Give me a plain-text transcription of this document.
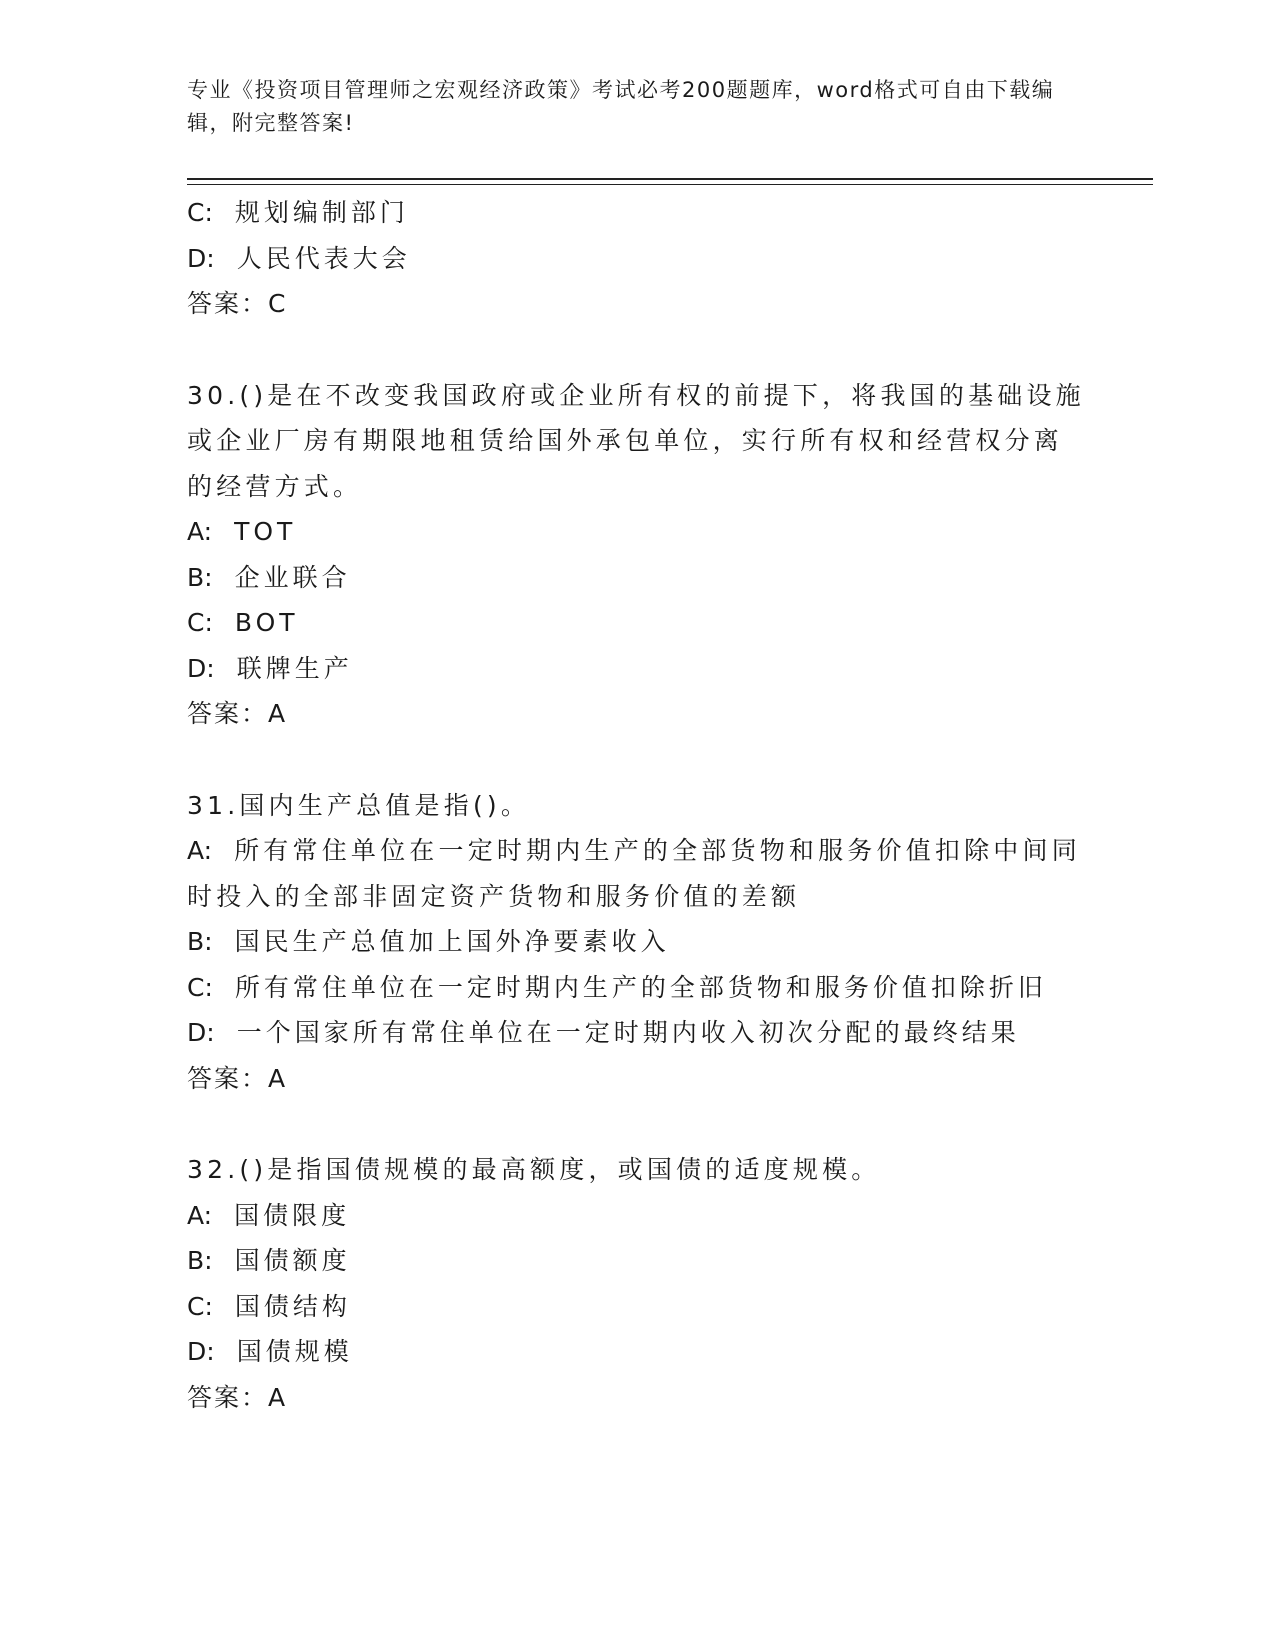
专业《投资项目管理师之宏观经济政策》考试必考200题题库，word格式可自由下载编辑，附完整答案!
C: 规划编制部门
D: 人民代表大会
答案：C
30.()是在不改变我国政府或企业所有权的前提下，将我国的基础设施或企业厂房有期限地租赁给国外承包单位，实行所有权和经营权分离的经营方式。
A: TOT
B: 企业联合
C: BOT
D: 联牌生产
答案：A
31.国内生产总值是指()。
A: 所有常住单位在一定时期内生产的全部货物和服务价值扣除中间同时投入的全部非固定资产货物和服务价值的差额
B: 国民生产总值加上国外净要素收入
C: 所有常住单位在一定时期内生产的全部货物和服务价值扣除折旧
D: 一个国家所有常住单位在一定时期内收入初次分配的最终结果
答案：A
32.()是指国债规模的最高额度，或国债的适度规模。
A: 国债限度
B: 国债额度
C: 国债结构
D: 国债规模
答案：A
